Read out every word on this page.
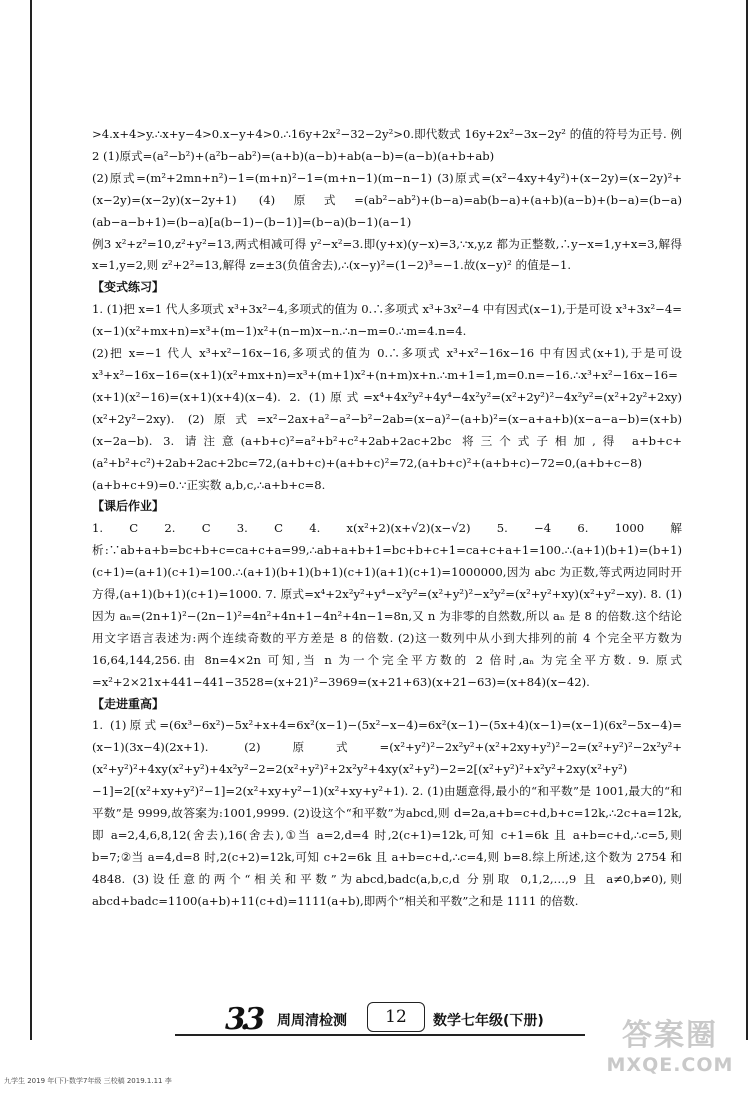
>4.x+4>y.∴x+y−4>0.x−y+4>0.∴16y+2x²−32−2y²>0.即代数式 16y+2x²−3x−2y² 的值的符号为正号. 例2 (1)原式=(a²−b²)+(a²b−ab²)=(a+b)(a−b)+ab(a−b)=(a−b)(a+b+ab)

(2)原式=(m²+2mn+n²)−1=(m+n)²−1=(m+n−1)(m−n−1) (3)原式=(x²−4xy+4y²)+(x−2y)=(x−2y)²+(x−2y)=(x−2y)(x−2y+1) (4)原式=(ab²−ab²)+(b−a)=ab(b−a)+(a+b)(a−b)+(b−a)=(b−a)(ab−a−b+1)=(b−a)[a(b−1)−(b−1)]=(b−a)(b−1)(a−1)

例3 x²+z²=10,z²+y²=13,两式相减可得 y²−x²=3.即(y+x)(y−x)=3,∵x,y,z 都为正整数,∴y−x=1,y+x=3,解得 x=1,y=2,则 z²+2²=13,解得 z=±3(负值舍去),∴(x−y)²=(1−2)³=−1.故(x−y)² 的值是−1.

【变式练习】

1. (1)把 x=1 代人多项式 x³+3x²−4,多项式的值为 0.∴多项式 x³+3x²−4 中有因式(x−1),于是可设 x³+3x²−4=(x−1)(x²+mx+n)=x³+(m−1)x²+(n−m)x−n.∴n−m=0.∴m=4.n=4.

(2)把 x=−1 代人 x³+x²−16x−16,多项式的值为 0.∴多项式 x³+x²−16x−16 中有因式(x+1),于是可设 x³+x²−16x−16=(x+1)(x²+mx+n)=x³+(m+1)x²+(n+m)x+n.∴m+1=1,m=0.n=−16.∴x³+x²−16x−16=(x+1)(x²−16)=(x+1)(x+4)(x−4). 2. (1)原式=x⁴+4x²y²+4y⁴−4x²y²=(x²+2y²)²−4x²y²=(x²+2y²+2xy)(x²+2y²−2xy). (2)原式=x²−2ax+a²−a²−b²−2ab=(x−a)²−(a+b)²=(x−a+a+b)(x−a−a−b)=(x+b)(x−2a−b). 3. 请注意(a+b+c)²=a²+b²+c²+2ab+2ac+2bc 将三个式子相加,得 a+b+c+(a²+b²+c²)+2ab+2ac+2bc=72,(a+b+c)+(a+b+c)²=72,(a+b+c)²+(a+b+c)−72=0,(a+b+c−8)(a+b+c+9)=0.∵正实数 a,b,c,∴a+b+c=8.

【课后作业】

1. C 2. C 3. C 4. x(x²+2)(x+√2)(x−√2) 5. −4 6. 1000 解析:∵ab+a+b=bc+b+c=ca+c+a=99,∴ab+a+b+1=bc+b+c+1=ca+c+a+1=100.∴(a+1)(b+1)=(b+1)(c+1)=(a+1)(c+1)=100.∴(a+1)(b+1)(b+1)(c+1)(a+1)(c+1)=1000000,因为 abc 为正数,等式两边同时开方得,(a+1)(b+1)(c+1)=1000. 7. 原式=x⁴+2x²y²+y⁴−x²y²=(x²+y²)²−x²y²=(x²+y²+xy)(x²+y²−xy). 8. (1)因为 aₙ=(2n+1)²−(2n−1)²=4n²+4n+1−4n²+4n−1=8n,又 n 为非零的自然数,所以 aₙ 是 8 的倍数.这个结论用文字语言表述为:两个连续奇数的平方差是 8 的倍数. (2)这一数列中从小到大排列的前 4 个完全平方数为 16,64,144,256.由 8n=4×2n 可知,当 n 为一个完全平方数的 2 倍时,aₙ 为完全平方数. 9. 原式=x²+2×21x+441−441−3528=(x+21)²−3969=(x+21+63)(x+21−63)=(x+84)(x−42).

【走进重高】

1. (1)原式=(6x³−6x²)−5x²+x+4=6x²(x−1)−(5x²−x−4)=6x²(x−1)−(5x+4)(x−1)=(x−1)(6x²−5x−4)=(x−1)(3x−4)(2x+1). (2)原式=(x²+y²)²−2x²y²+(x²+2xy+y²)²−2=(x²+y²)²−2x²y²+(x²+y²)²+4xy(x²+y²)+4x²y²−2=2(x²+y²)²+2x²y²+4xy(x²+y²)−2=2[(x²+y²)²+x²y²+2xy(x²+y²)−1]=2[(x²+xy+y²)²−1]=2(x²+xy+y²−1)(x²+xy+y²+1). 2. (1)由题意得,最小的“和平数”是 1001,最大的“和平数”是 9999,故答案为:1001,9999. (2)设这个“和平数”为abcd,则 d=2a,a+b=c+d,b+c=12k,∴2c+a=12k,即 a=2,4,6,8,12(舍去),16(舍去),①当 a=2,d=4 时,2(c+1)=12k,可知 c+1=6k 且 a+b=c+d,∴c=5,则 b=7;②当 a=4,d=8 时,2(c+2)=12k,可知 c+2=6k 且 a+b=c+d,∴c=4,则 b=8.综上所述,这个数为 2754 和 4848. (3)设任意的两个“相关和平数”为abcd,badc(a,b,c,d 分别取 0,1,2,…,9 且 a≠0,b≠0),则abcd+badc=1100(a+b)+11(c+d)=1111(a+b),即两个“相关和平数”之和是 1111 的倍数.

3.3 周周清检测	12	数学七年级(下册)
九学生 2019 年(下)·数学7年级 三校稿 2019.1.11 李
答案圈
MXQE.COM
